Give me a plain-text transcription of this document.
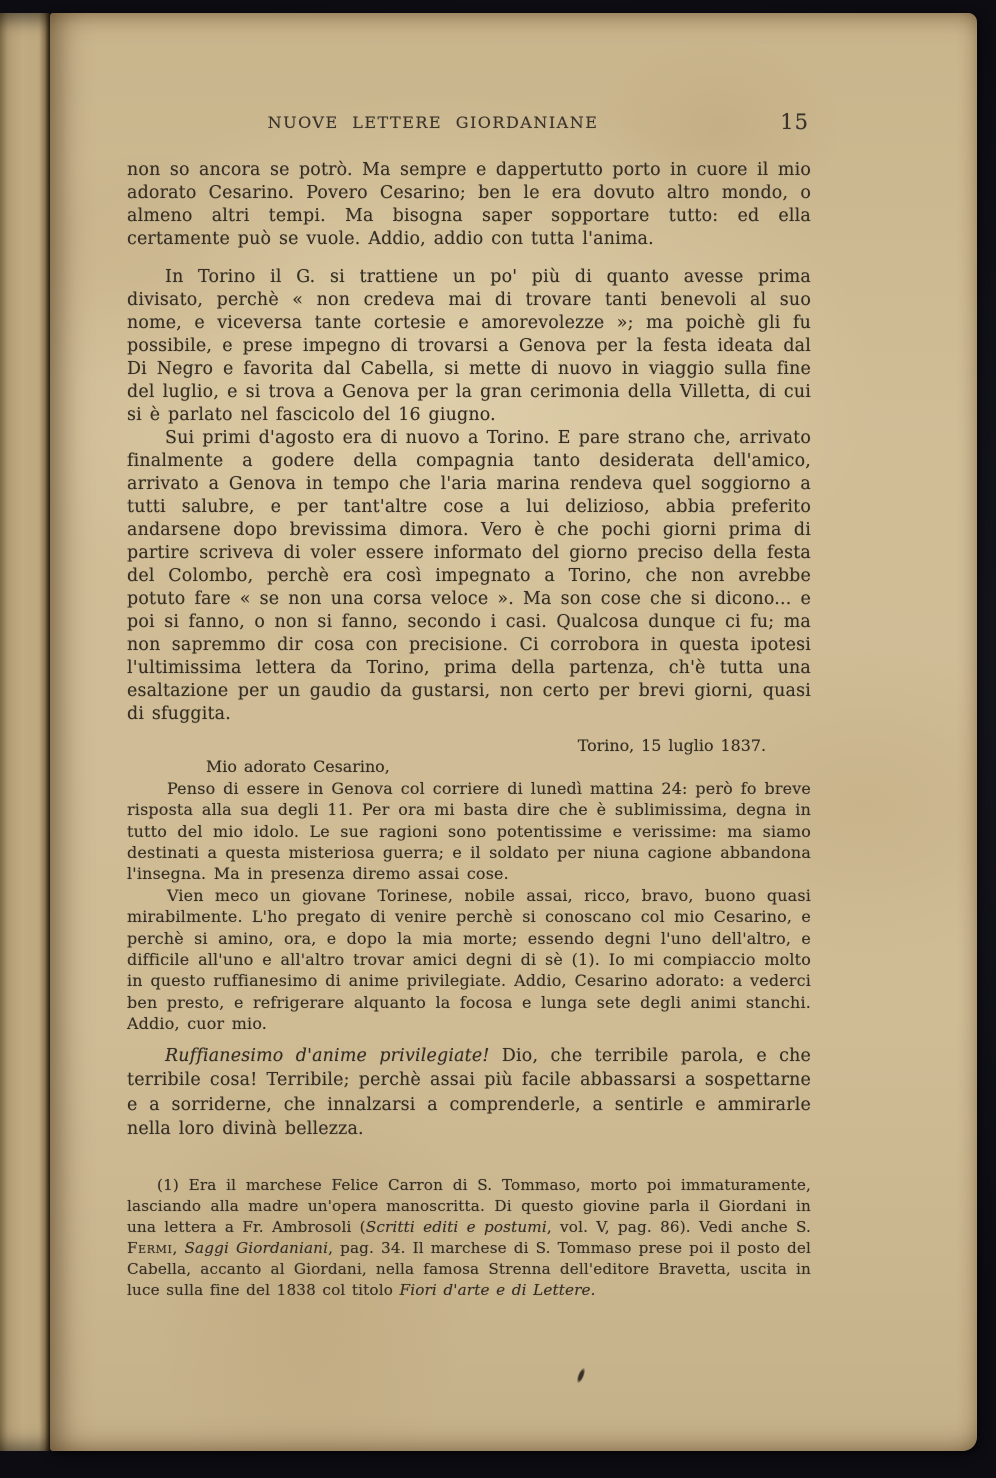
NUOVE LETTERE GIORDANIANE	15

non so ancora se potrò. Ma sempre e dappertutto porto in cuore il mio adorato Cesarino. Povero Cesarino; ben le era dovuto altro mondo, o almeno altri tempi. Ma bisogna saper sopportare tutto: ed ella certamente può se vuole. Addio, addio con tutta l'anima.

In Torino il G. si trattiene un po' più di quanto avesse prima divisato, perchè « non credeva mai di trovare tanti benevoli al suo nome, e viceversa tante cortesie e amorevolezze »; ma poichè gli fu possibile, e prese impegno di trovarsi a Genova per la festa ideata dal Di Negro e favorita dal Cabella, si mette di nuovo in viaggio sulla fine del luglio, e si trova a Genova per la gran cerimonia della Villetta, di cui si è parlato nel fascicolo del 16 giugno.

Sui primi d'agosto era di nuovo a Torino. E pare strano che, arrivato finalmente a godere della compagnia tanto desiderata dell'amico, arrivato a Genova in tempo che l'aria marina rendeva quel soggiorno a tutti salubre, e per tant'altre cose a lui delizioso, abbia preferito andarsene dopo brevissima dimora. Vero è che pochi giorni prima di partire scriveva di voler essere informato del giorno preciso della festa del Colombo, perchè era così impegnato a Torino, che non avrebbe potuto fare « se non una corsa veloce ». Ma son cose che si dicono... e poi si fanno, o non si fanno, secondo i casi. Qualcosa dunque ci fu; ma non sapremmo dir cosa con precisione. Ci corrobora in questa ipotesi l'ultimissima lettera da Torino, prima della partenza, ch'è tutta una esaltazione per un gaudio da gustarsi, non certo per brevi giorni, quasi di sfuggita.

Torino, 15 luglio 1837.

Mio adorato Cesarino,

Penso di essere in Genova col corriere di lunedì mattina 24: però fo breve risposta alla sua degli 11. Per ora mi basta dire che è sublimissima, degna in tutto del mio idolo. Le sue ragioni sono potentissime e verissime: ma siamo destinati a questa misteriosa guerra; e il soldato per niuna cagione abbandona l'insegna. Ma in presenza diremo assai cose.

Vien meco un giovane Torinese, nobile assai, ricco, bravo, buono quasi mirabilmente. L'ho pregato di venire perchè si conoscano col mio Cesarino, e perchè si amino, ora, e dopo la mia morte; essendo degni l'uno dell'altro, e difficile all'uno e all'altro trovar amici degni di sè (1). Io mi compiaccio molto in questo ruffianesimo di anime privilegiate. Addio, Cesarino adorato: a vederci ben presto, e refrigerare alquanto la focosa e lunga sete degli animi stanchi. Addio, cuor mio.

Ruffianesimo d'anime privilegiate! Dio, che terribile parola, e che terribile cosa! Terribile; perchè assai più facile abbassarsi a sospettarne e a sorriderne, che innalzarsi a comprenderle, a sentirle e ammirarle nella loro divinà bellezza.

(1) Era il marchese Felice Carron di S. Tommaso, morto poi immaturamente, lasciando alla madre un'opera manoscritta. Di questo giovine parla il Giordani in una lettera a Fr. Ambrosoli (Scritti editi e postumi, vol. V, pag. 86). Vedi anche S. Fermi, Saggi Giordaniani, pag. 34. Il marchese di S. Tommaso prese poi il posto del Cabella, accanto al Giordani, nella famosa Strenna dell'editore Bravetta, uscita in luce sulla fine del 1838 col titolo Fiori d'arte e di Lettere.
